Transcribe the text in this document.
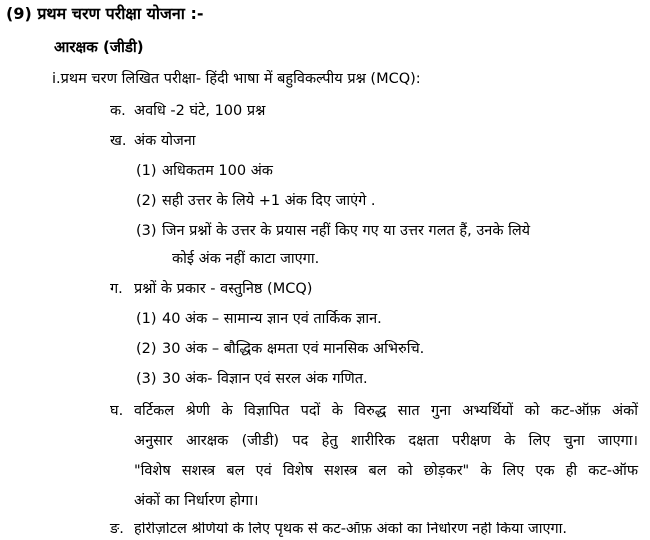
(9) प्रथम चरण परीक्षा योजना :-
आरक्षक (जीडी)
i.प्रथम चरण लिखित परीक्षा- हिंदी भाषा में बहुविकल्पीय प्रश्न (MCQ):
क. अवधि -2 घंटे, 100 प्रश्न
ख. अंक योजना
(1) अधिकतम 100 अंक
(2) सही उत्तर के लिये +1 अंक दिए जाएंगे .
(3) जिन प्रश्नों के उत्तर के प्रयास नहीं किए गए या उत्तर गलत हैं, उनके लिये
कोई अंक नहीं काटा जाएगा.
ग. प्रश्नों के प्रकार - वस्तुनिष्ठ (MCQ)
(1) 40 अंक – सामान्य ज्ञान एवं तार्किक ज्ञान.
(2) 30 अंक – बौद्धिक क्षमता एवं मानसिक अभिरुचि.
(3) 30 अंक- विज्ञान एवं सरल अंक गणित.
घ. वर्टिकल श्रेणी के विज्ञापित पदों के विरुद्ध सात गुना अभ्यर्थियों को कट-ऑफ़ अंकों
अनुसार आरक्षक (जीडी) पद हेतु शारीरिक दक्षता परीक्षण के लिए चुना जाएगा।
"विशेष सशस्त्र बल एवं विशेष सशस्त्र बल को छोड़कर" के लिए एक ही कट-ऑफ
अंकों का निर्धारण होगा।
ङ. होरीज़ोंटल श्रेणियों के लिए पृथक से कट-ऑफ़ अंकों का निर्धारण नहीं किया जाएगा.
